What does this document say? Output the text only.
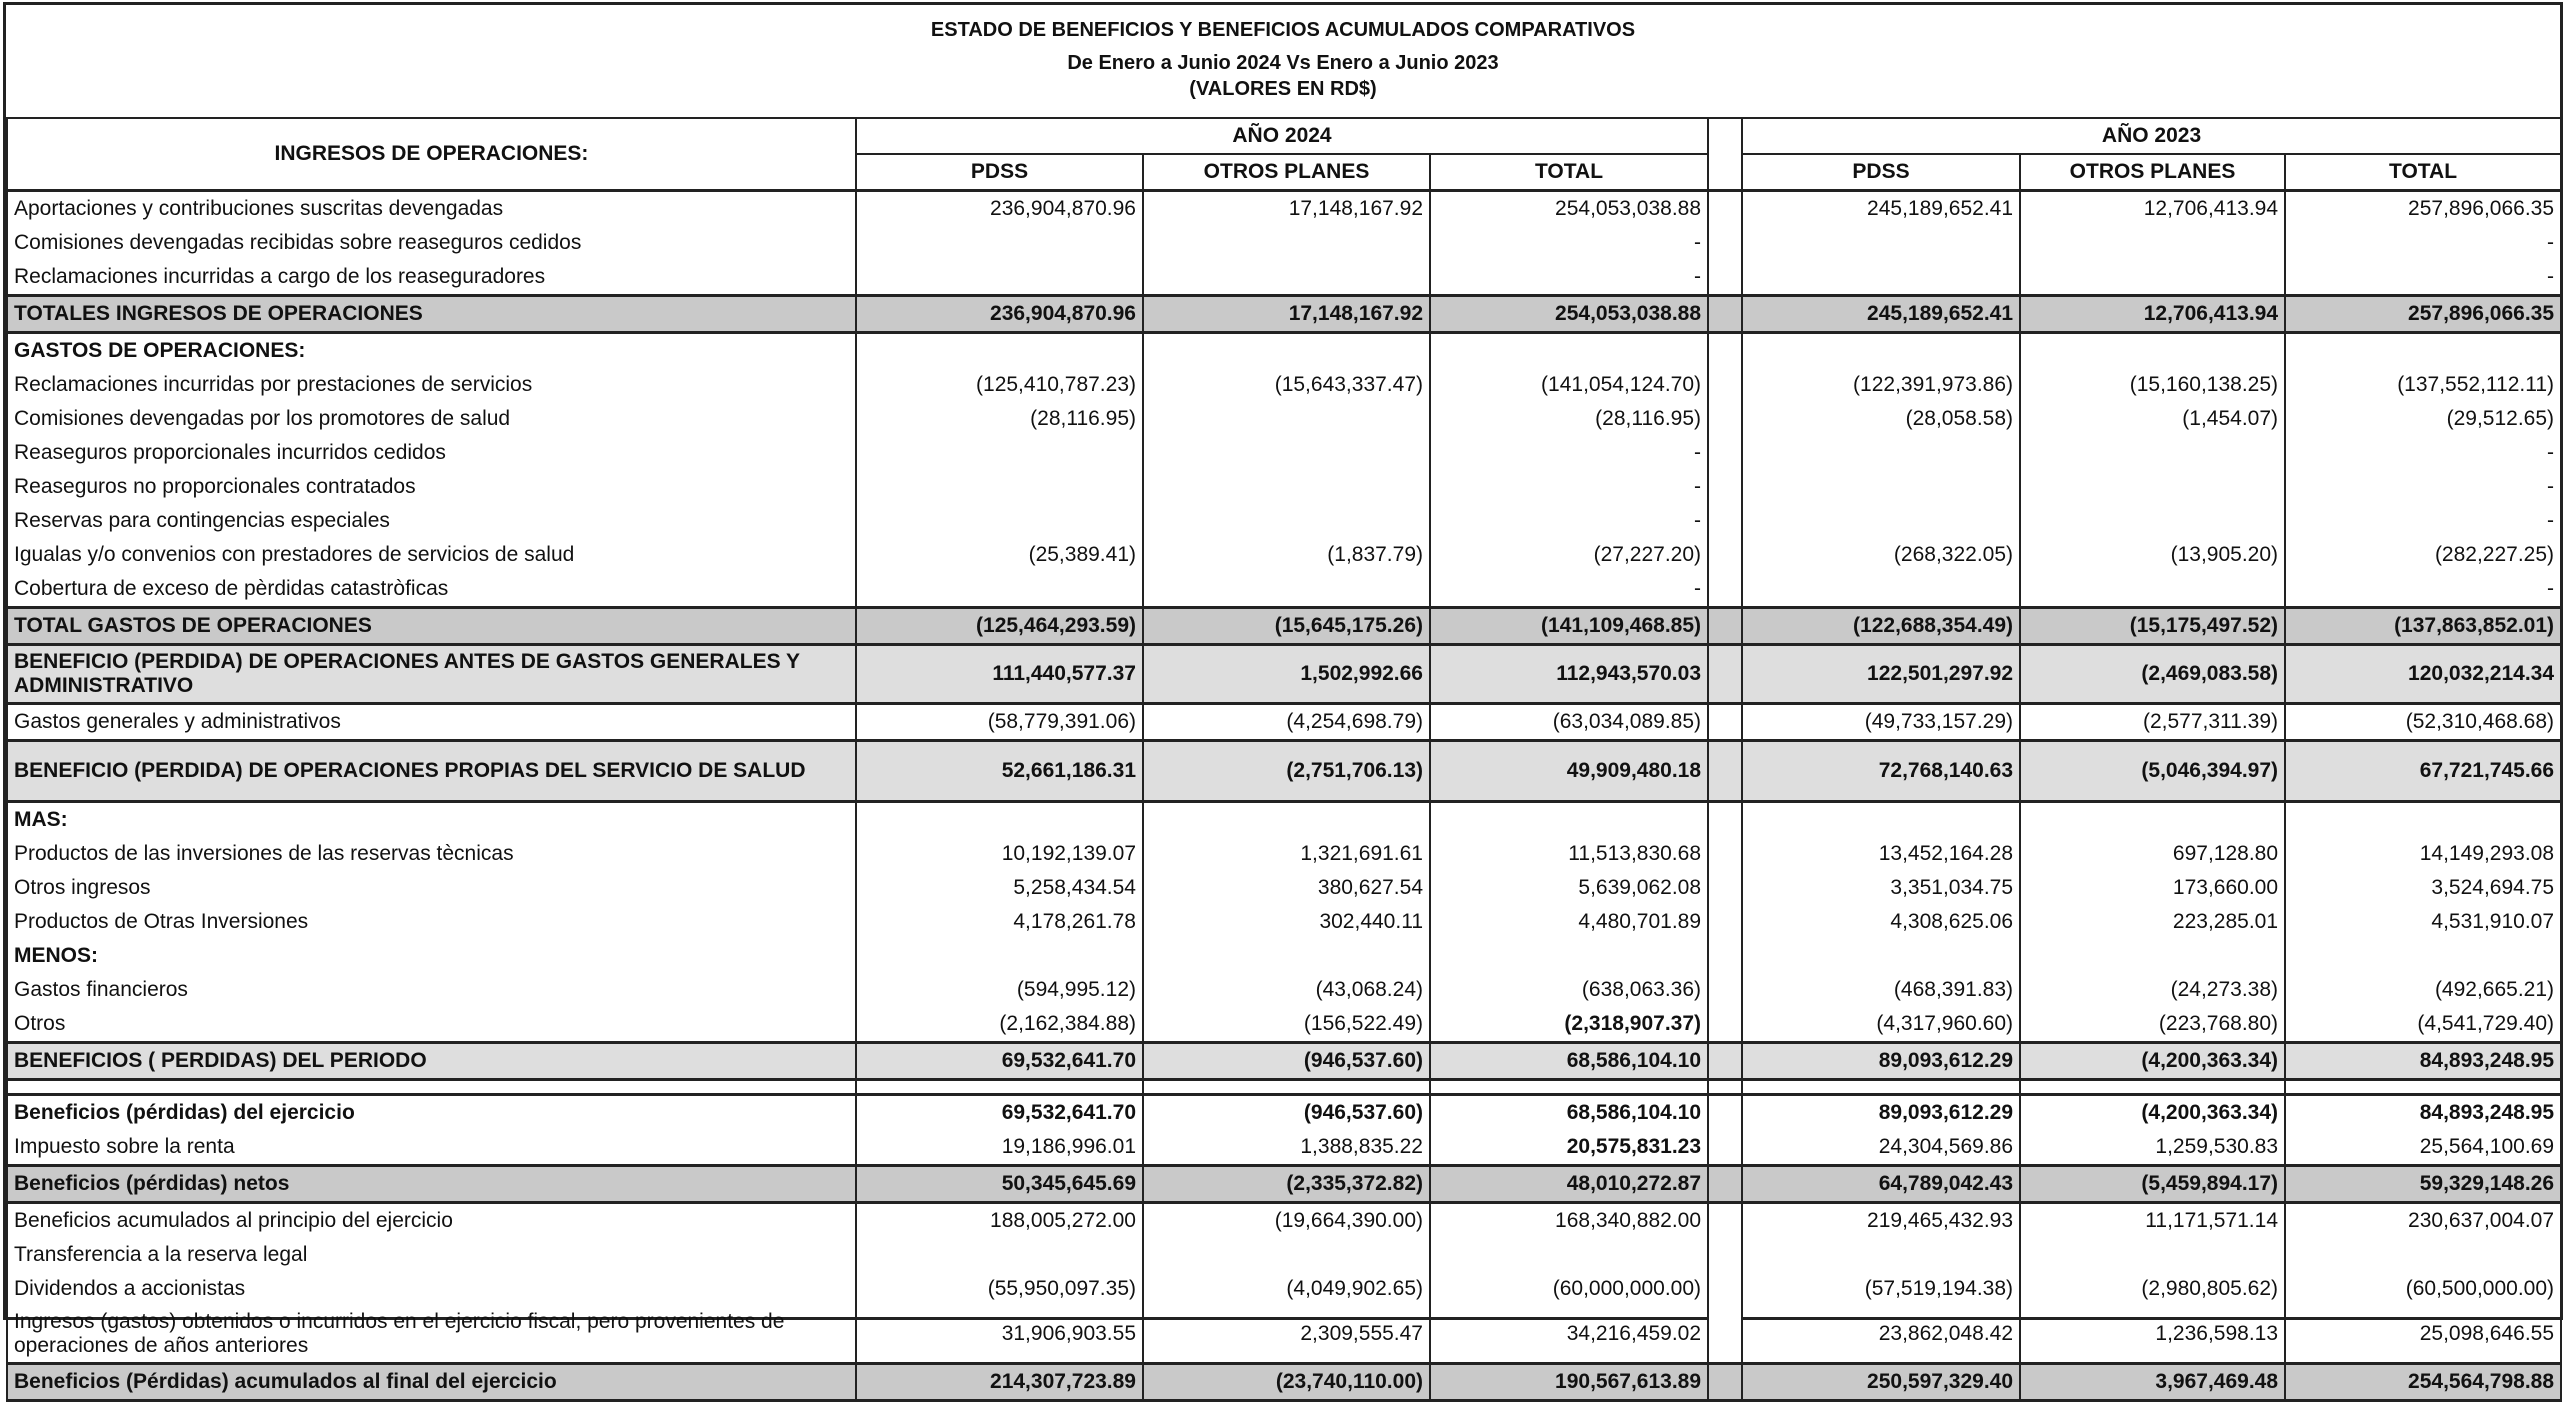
ESTADO DE BENEFICIOS Y BENEFICIOS ACUMULADOS COMPARATIVOS
De Enero a Junio 2024 Vs Enero a Junio 2023
(VALORES EN RD$)
INGRESOS DE OPERACIONES:	AÑO 2024				AÑO 2023		
	PDSS	OTROS PLANES	TOTAL		PDSS	OTROS PLANES	TOTAL
Aportaciones y contribuciones suscritas devengadas	236,904,870.96	17,148,167.92	254,053,038.88		245,189,652.41	12,706,413.94	257,896,066.35
Comisiones devengadas recibidas sobre reaseguros cedidos			-				-
Reclamaciones incurridas a cargo de los reaseguradores			-				-
TOTALES INGRESOS DE OPERACIONES	236,904,870.96	17,148,167.92	254,053,038.88		245,189,652.41	12,706,413.94	257,896,066.35
GASTOS DE OPERACIONES:							
Reclamaciones incurridas por prestaciones de servicios	(125,410,787.23)	(15,643,337.47)	(141,054,124.70)		(122,391,973.86)	(15,160,138.25)	(137,552,112.11)
Comisiones devengadas por los promotores de salud	(28,116.95)		(28,116.95)		(28,058.58)	(1,454.07)	(29,512.65)
Reaseguros proporcionales incurridos cedidos			-				-
Reaseguros no proporcionales contratados			-				-
Reservas para contingencias especiales			-				-
Igualas y/o convenios con prestadores de servicios de salud	(25,389.41)	(1,837.79)	(27,227.20)		(268,322.05)	(13,905.20)	(282,227.25)
Cobertura de exceso de pèrdidas catastròficas			-				-
TOTAL GASTOS DE OPERACIONES	(125,464,293.59)	(15,645,175.26)	(141,109,468.85)		(122,688,354.49)	(15,175,497.52)	(137,863,852.01)
BENEFICIO (PERDIDA) DE OPERACIONES ANTES DE GASTOS GENERALES Y ADMINISTRATIVO	111,440,577.37	1,502,992.66	112,943,570.03		122,501,297.92	(2,469,083.58)	120,032,214.34
Gastos generales y administrativos	(58,779,391.06)	(4,254,698.79)	(63,034,089.85)		(49,733,157.29)	(2,577,311.39)	(52,310,468.68)
BENEFICIO (PERDIDA) DE OPERACIONES PROPIAS DEL SERVICIO DE SALUD	52,661,186.31	(2,751,706.13)	49,909,480.18		72,768,140.63	(5,046,394.97)	67,721,745.66
MAS:							
Productos de las inversiones de las reservas tècnicas	10,192,139.07	1,321,691.61	11,513,830.68		13,452,164.28	697,128.80	14,149,293.08
Otros ingresos	5,258,434.54	380,627.54	5,639,062.08		3,351,034.75	173,660.00	3,524,694.75
Productos de Otras Inversiones	4,178,261.78	302,440.11	4,480,701.89		4,308,625.06	223,285.01	4,531,910.07
MENOS:							
Gastos financieros	(594,995.12)	(43,068.24)	(638,063.36)		(468,391.83)	(24,273.38)	(492,665.21)
Otros	(2,162,384.88)	(156,522.49)	(2,318,907.37)		(4,317,960.60)	(223,768.80)	(4,541,729.40)
BENEFICIOS ( PERDIDAS) DEL PERIODO	69,532,641.70	(946,537.60)	68,586,104.10		89,093,612.29	(4,200,363.34)	84,893,248.95

Beneficios (pérdidas) del ejercicio	69,532,641.70	(946,537.60)	68,586,104.10		89,093,612.29	(4,200,363.34)	84,893,248.95
Impuesto sobre la renta	19,186,996.01	1,388,835.22	20,575,831.23		24,304,569.86	1,259,530.83	25,564,100.69
Beneficios (pérdidas) netos	50,345,645.69	(2,335,372.82)	48,010,272.87		64,789,042.43	(5,459,894.17)	59,329,148.26
Beneficios acumulados al principio del ejercicio	188,005,272.00	(19,664,390.00)	168,340,882.00		219,465,432.93	11,171,571.14	230,637,004.07
Transferencia a la reserva legal							
Dividendos a accionistas	(55,950,097.35)	(4,049,902.65)	(60,000,000.00)		(57,519,194.38)	(2,980,805.62)	(60,500,000.00)
Ingresos (gastos) obtenidos o incurridos en el ejercicio fiscal, pero provenientes de operaciones de años anteriores	31,906,903.55	2,309,555.47	34,216,459.02		23,862,048.42	1,236,598.13	25,098,646.55
Beneficios (Pérdidas) acumulados al final del ejercicio	214,307,723.89	(23,740,110.00)	190,567,613.89		250,597,329.40	3,967,469.48	254,564,798.88
